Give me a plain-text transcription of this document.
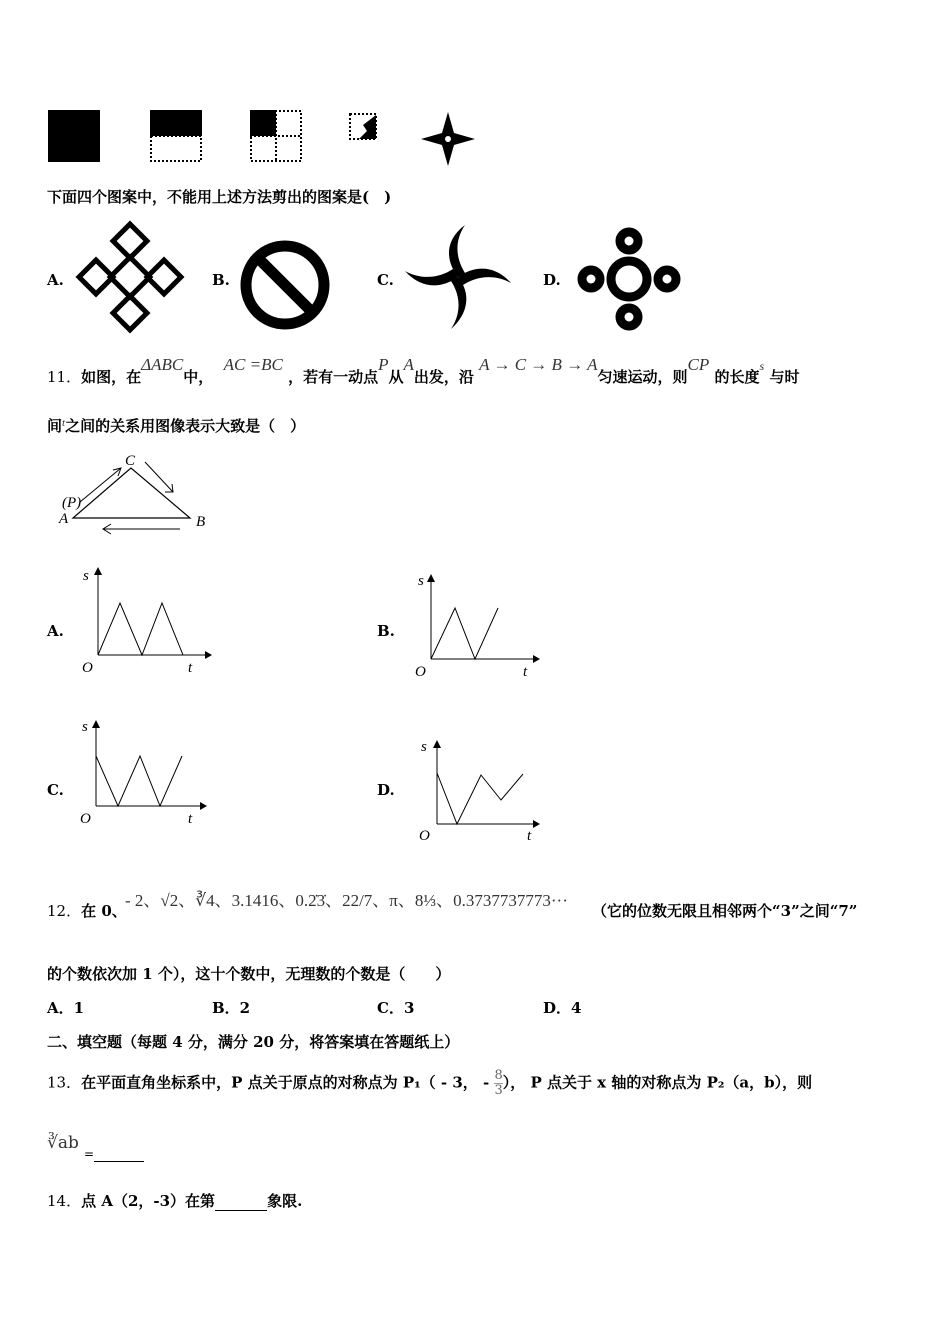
下面四个图案中，不能用上述方法剪出的图案是(　)
A.	B.	C.	D.
11．如图，在ΔABC中，  AC =BC ，若有一动点P从A出发，沿 A → C → B → A匀速运动，则CP 的长度$^s$ 与时
间$^t$之间的关系用图像表示大致是（　）
C
A	B
(P)
A.
s
O	t
B.
s
O	t
C.
s
O	t
D.
s
O	t
12．在 0、
- 2、√2、∛4、3.1416、0.2̇3̇、22/7、π、8⅓、0.3737737773···
（它的位数无限且相邻两个“3”之间“7”
的个数依次加 1 个），这十个数中，无理数的个数是（　　）
A．1	B．2	C．3	D．4
二、填空题（每题 4 分，满分 20 分，将答案填在答题纸上）
13．在平面直角坐标系中，P 点关于原点的对称点为 P₁（ - 3， - $\frac{8}{3}$ ）， P 点关于 x 轴的对称点为 P₂（a，b），则
∛ab
=
14．点 A（2，-3）在第	象限.
